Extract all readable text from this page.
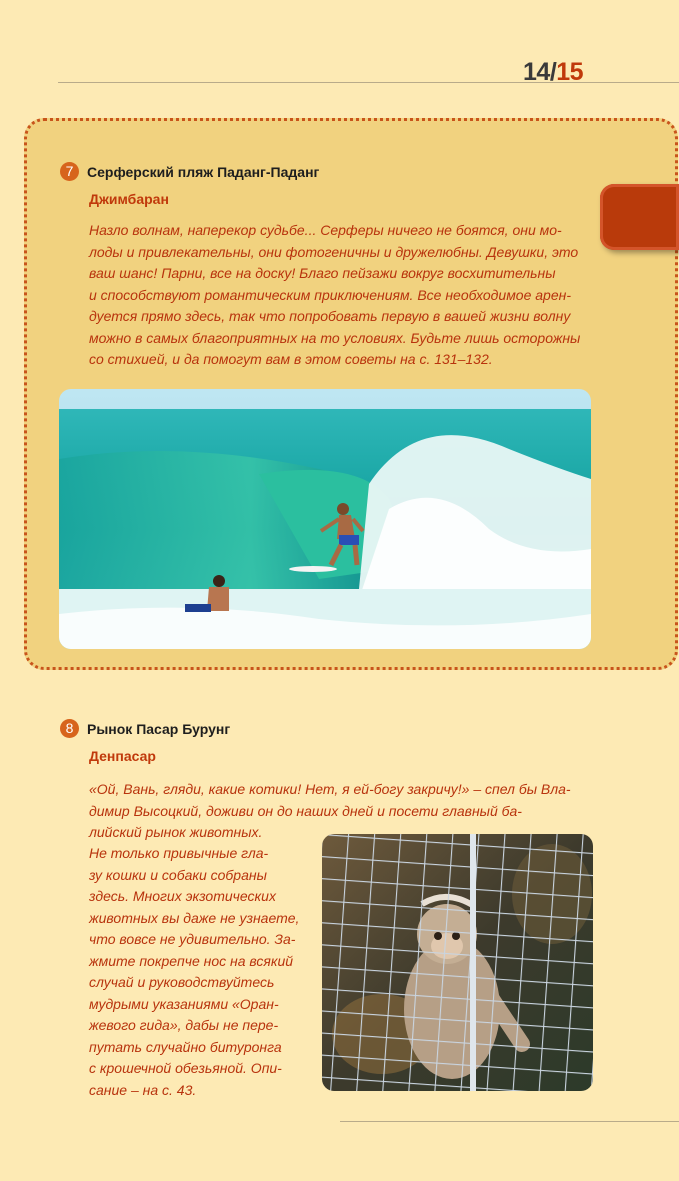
14/15
7 Серферский пляж Паданг-Паданг
Джимбаран
Назло волнам, наперекор судьбе... Серферы ничего не боятся, они мо-
лоды и привлекательны, они фотогеничны и дружелюбны. Девушки, это
ваш шанс! Парни, все на доску! Благо пейзажи вокруг восхитительны
и способствуют романтическим приключениям. Все необходимое арен-
дуется прямо здесь, так что попробовать первую в вашей жизни волну
можно в самых благоприятных на то условиях. Будьте лишь осторожны
со стихией, и да помогут вам в этом советы на с. 131–132.
8 Рынок Пасар Бурунг
Денпасар
«Ой, Вань, гляди, какие котики! Нет, я ей-богу закричу!» – спел бы Вла-
димир Высоцкий, доживи он до наших дней и посети главный ба-
лийский рынок животных.
Не только привычные гла-
зу кошки и собаки собраны
здесь. Многих экзотических
животных вы даже не узнаете,
что вовсе не удивительно. За-
жмите покрепче нос на всякий
случай и руководствуйтесь
мудрыми указаниями «Оран-
жевого гида», дабы не пере-
путать случайно битуронга
с крошечной обезьяной. Опи-
сание – на с. 43.
